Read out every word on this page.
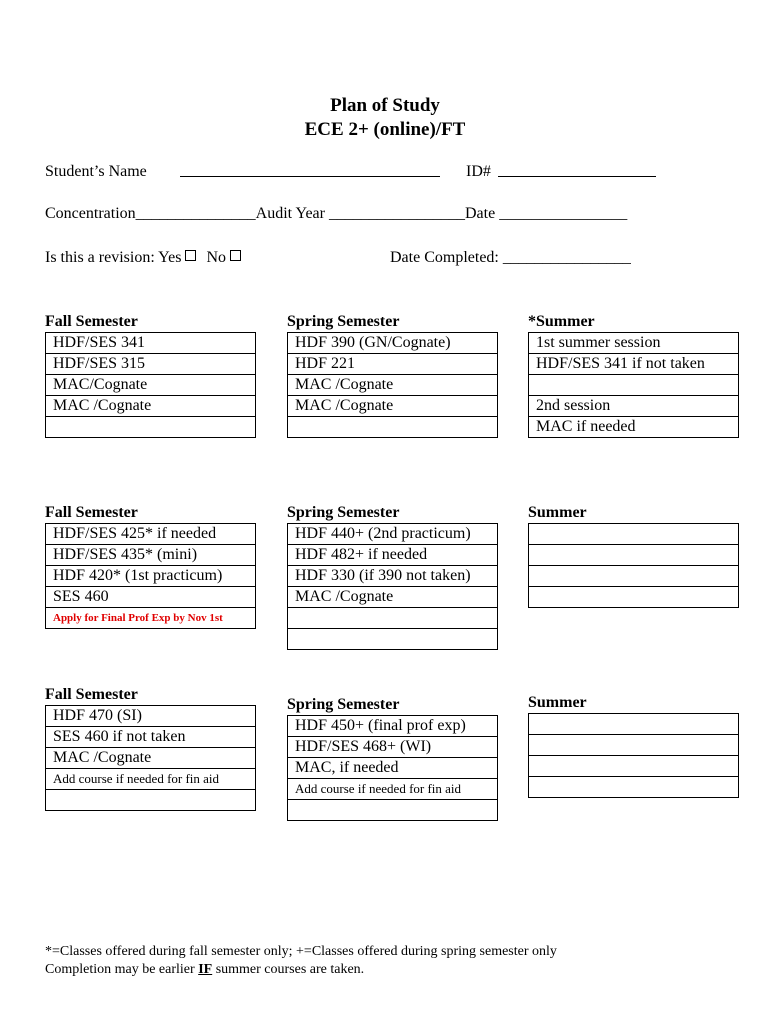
Plan of Study
ECE 2+ (online)/FT
Student’s Name	ID#
Concentration_______________Audit Year _________________Date ________________
Is this a revision: Yes No	Date Completed: ________________
Fall Semester
HDF/SES 341
HDF/SES 315
MAC/Cognate
MAC /Cognate

Spring Semester
HDF 390 (GN/Cognate)
HDF 221
MAC /Cognate
MAC /Cognate

*Summer
1st summer session
HDF/SES 341 if not taken

2nd session
MAC if needed
Fall Semester
HDF/SES 425* if needed
HDF/SES 435* (mini)
HDF 420* (1st practicum)
SES 460
Apply for Final Prof Exp by Nov 1st
Spring Semester
HDF 440+ (2nd practicum)
HDF 482+ if needed
HDF 330 (if 390 not taken)
MAC /Cognate

Summer

Fall Semester
HDF 470 (SI)
SES 460 if not taken
MAC /Cognate
Add course if needed for fin aid

Spring Semester
HDF 450+ (final prof exp)
HDF/SES 468+ (WI)
MAC, if needed
Add course if needed for fin aid

Summer

*=Classes offered during fall semester only; +=Classes offered during spring semester only
Completion may be earlier IF summer courses are taken.
